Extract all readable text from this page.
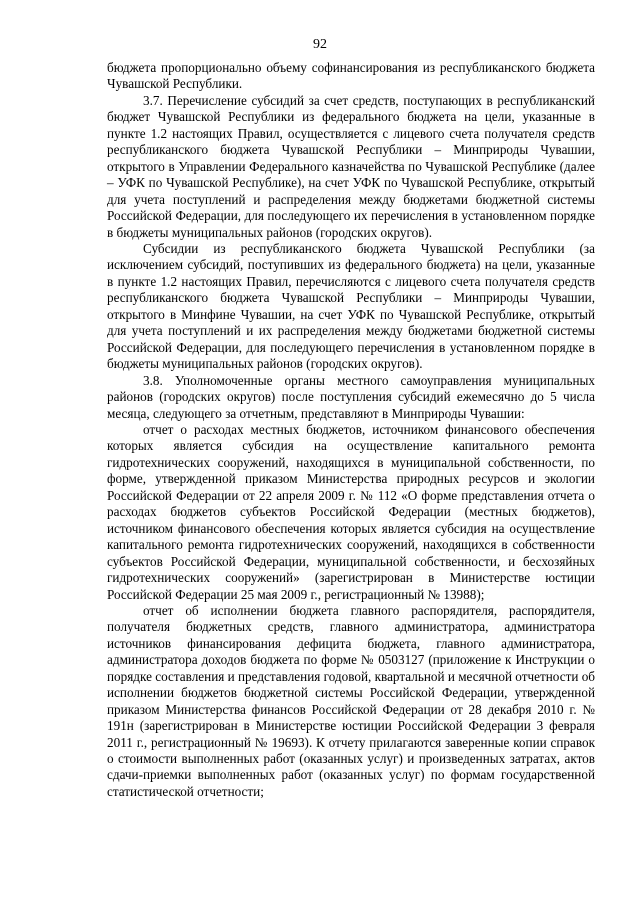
92

бюджета пропорционально объему софинансирования из республиканского бюджета Чувашской Республики.

3.7. Перечисление субсидий за счет средств, поступающих в республиканский бюджет Чувашской Республики из федерального бюджета на цели, указанные в пункте 1.2 настоящих Правил, осуществляется с лицевого счета получателя средств республиканского бюджета Чувашской Республики – Минприроды Чувашии, открытого в Управлении Федерального казначейства по Чувашской Республике (далее – УФК по Чувашской Республике), на счет УФК по Чувашской Республике, открытый для учета поступлений и распределения между бюджетами бюджетной системы Российской Федерации, для последующего их перечисления в установленном порядке в бюджеты муниципальных районов (городских округов).

Субсидии из республиканского бюджета Чувашской Республики (за исключением субсидий, поступивших из федерального бюджета) на цели, указанные в пункте 1.2 настоящих Правил, перечисляются с лицевого счета получателя средств республиканского бюджета Чувашской Республики – Минприроды Чувашии, открытого в Минфине Чувашии, на счет УФК по Чувашской Республике, открытый для учета поступлений и их распределения между бюджетами бюджетной системы Российской Федерации, для последующего перечисления в установленном порядке в бюджеты муниципальных районов (городских округов).

3.8. Уполномоченные органы местного самоуправления муниципальных районов (городских округов) после поступления субсидий ежемесячно до 5 числа месяца, следующего за отчетным, представляют в Минприроды Чувашии:

отчет о расходах местных бюджетов, источником финансового обеспечения которых является субсидия на осуществление капитального ремонта гидротехнических сооружений, находящихся в муниципальной собственности, по форме, утвержденной приказом Министерства природных ресурсов и экологии Российской Федерации от 22 апреля 2009 г. № 112 «О форме представления отчета о расходах бюджетов субъектов Российской Федерации (местных бюджетов), источником финансового обеспечения которых является субсидия на осуществление капитального ремонта гидротехнических сооружений, находящихся в собственности субъектов Российской Федерации, муниципальной собственности, и бесхозяйных гидротехнических сооружений» (зарегистрирован в Министерстве юстиции Российской Федерации 25 мая 2009 г., регистрационный № 13988);

отчет об исполнении бюджета главного распорядителя, распорядителя, получателя бюджетных средств, главного администратора, администратора источников финансирования дефицита бюджета, главного администратора, администратора доходов бюджета по форме № 0503127 (приложение к Инструкции о порядке составления и представления годовой, квартальной и месячной отчетности об исполнении бюджетов бюджетной системы Российской Федерации, утвержденной приказом Министерства финансов Российской Федерации от 28 декабря 2010 г. № 191н (зарегистрирован в Министерстве юстиции Российской Федерации 3 февраля 2011 г., регистрационный № 19693). К отчету прилагаются заверенные копии справок о стоимости выполненных работ (оказанных услуг) и произведенных затратах, актов сдачи-приемки выполненных работ (оказанных услуг) по формам государственной статистической отчетности;
